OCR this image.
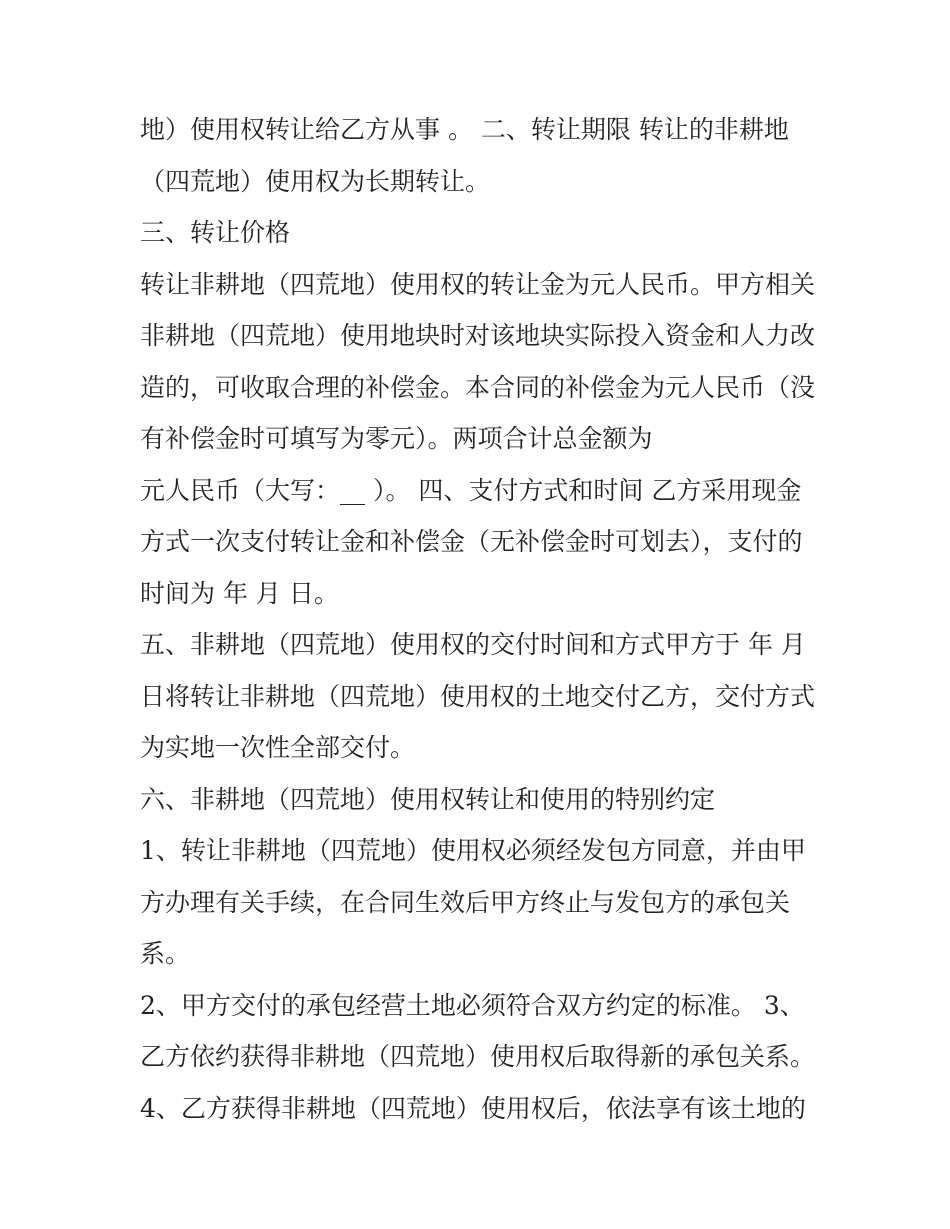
地）使用权转让给乙方从事 。 二、转让期限 转让的非耕地
（四荒地）使用权为长期转让。
三、转让价格
转让非耕地（四荒地）使用权的转让金为元人民币。甲方相关
非耕地（四荒地）使用地块时对该地块实际投入资金和人力改
造的，可收取合理的补偿金。本合同的补偿金为元人民币（没
有补偿金时可填写为零元）。两项合计总金额为
元人民币（大写：__ ）。 四、支付方式和时间 乙方采用现金
方式一次支付转让金和补偿金（无补偿金时可划去），支付的
时间为 年 月 日。
五、非耕地（四荒地）使用权的交付时间和方式甲方于 年 月
日将转让非耕地（四荒地）使用权的土地交付乙方，交付方式
为实地一次性全部交付。
六、非耕地（四荒地）使用权转让和使用的特别约定
1、转让非耕地（四荒地）使用权必须经发包方同意，并由甲
方办理有关手续，在合同生效后甲方终止与发包方的承包关
系。
2、甲方交付的承包经营土地必须符合双方约定的标准。 3、
乙方依约获得非耕地（四荒地）使用权后取得新的承包关系。
4、乙方获得非耕地（四荒地）使用权后，依法享有该土地的
